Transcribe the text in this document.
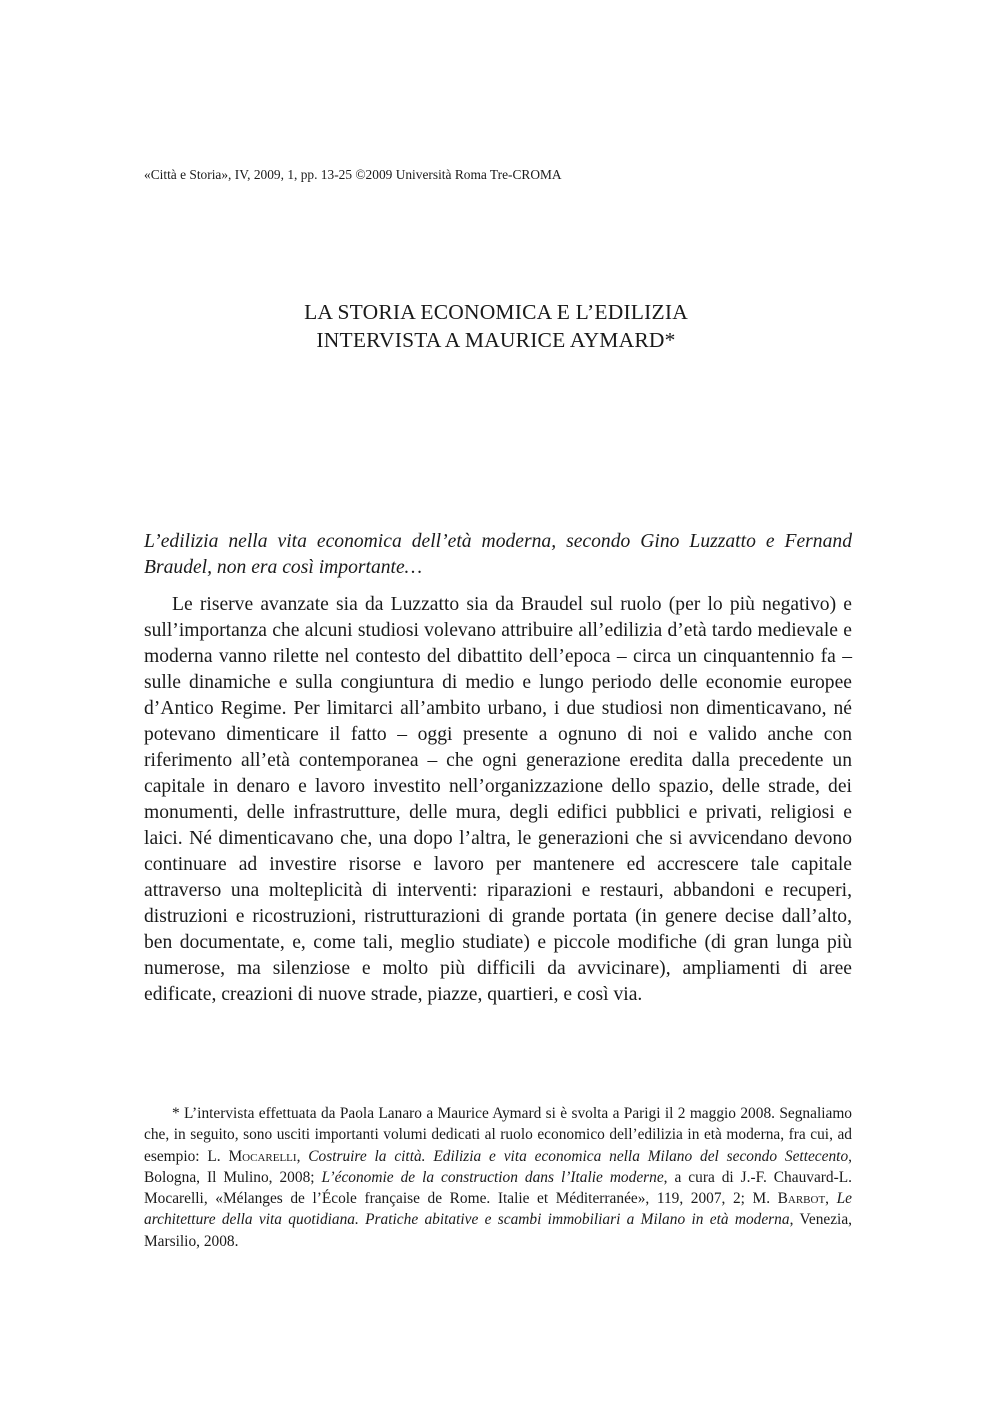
«Città e Storia», IV, 2009, 1, pp. 13-25 ©2009 Università Roma Tre-CROMA
LA STORIA ECONOMICA E L’EDILIZIA
INTERVISTA A MAURICE AYMARD*
L’edilizia nella vita economica dell’età moderna, secondo Gino Luzzatto e Fernand Braudel, non era così importante…

Le riserve avanzate sia da Luzzatto sia da Braudel sul ruolo (per lo più negativo) e sull’importanza che alcuni studiosi volevano attribuire all’edilizia d’età tardo medievale e moderna vanno rilette nel contesto del dibattito dell’epoca – circa un cinquantennio fa – sulle dinamiche e sulla congiuntura di medio e lungo periodo delle economie europee d’Antico Regime. Per limitarci all’ambito urbano, i due studiosi non dimenticavano, né potevano dimenticare il fatto – oggi presente a ognuno di noi e valido anche con riferimento all’età contemporanea – che ogni generazione eredita dalla precedente un capitale in denaro e lavoro investito nell’organizzazione dello spazio, delle strade, dei monumenti, delle infrastrutture, delle mura, degli edifici pubblici e privati, religiosi e laici. Né dimenticavano che, una dopo l’altra, le generazioni che si avvicendano devono continuare ad investire risorse e lavoro per mantenere ed accrescere tale capitale attraverso una molteplicità di interventi: riparazioni e restauri, abbandoni e recuperi, distruzioni e ricostruzioni, ristrutturazioni di grande portata (in genere decise dall’alto, ben documentate, e, come tali, meglio studiate) e piccole modifiche (di gran lunga più numerose, ma silenziose e molto più difficili da avvicinare), ampliamenti di aree edificate, creazioni di nuove strade, piazze, quartieri, e così via.

* L’intervista effettuata da Paola Lanaro a Maurice Aymard si è svolta a Parigi il 2 maggio 2008. Segnaliamo che, in seguito, sono usciti importanti volumi dedicati al ruolo economico dell’edilizia in età moderna, fra cui, ad esempio: L. Mocarelli, Costruire la città. Edilizia e vita economica nella Milano del secondo Settecento, Bologna, Il Mulino, 2008; L’économie de la construction dans l’Italie moderne, a cura di J.-F. Chauvard-L. Mocarelli, «Mélanges de l’École française de Rome. Italie et Méditerranée», 119, 2007, 2; M. Barbot, Le architetture della vita quotidiana. Pratiche abitative e scambi immobiliari a Milano in età moderna, Venezia, Marsilio, 2008.
